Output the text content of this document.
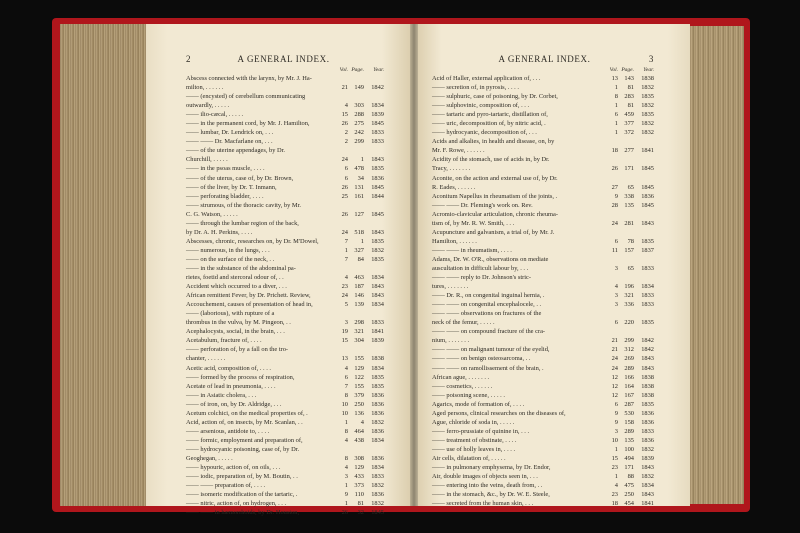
2	A GENERAL INDEX.
Vol. Page.	Year.
Abscess connected with the larynx, by Mr. J. Ha-
milton, . . . . . .	21	149	1842
—— (encysted) of cerebellum communicating
outwardly, . . . . .	4	303	1834
—— ilio-cæcal, . . . . .	15	288	1839
—— in the permanent cord, by Mr. J. Hamilton,	26	275	1845
—— lumbar, Dr. Lendrick on, . . .	2	242	1833
—— —— Dr. Macfarlane on, . . .	2	299	1833
—— of the uterine appendages, by Dr.
Churchill, . . . . .	24	1	1843
—— in the psoas muscle, . . . .	6	478	1835
—— of the uterus, case of, by Dr. Brown,	6	34	1836
—— of the liver, by Dr. T. Inmann,	26	131	1845
—— perforating bladder, . . . .	25	161	1844
—— strumous, of the thoracic cavity, by Mr.
C. G. Watson, . . . . .	26	127	1845
—— through the lumbar region of the back,
by Dr. A. H. Perkins, . . . .	24	518	1843
Abscesses, chronic, researches on, by Dr. M'Dowel,	7	1	1835
—— numerous, in the lungs, . . .	1	327	1832
—— on the surface of the neck, . .	7	84	1835
—— in the substance of the abdominal pa-
rietes, foetid and stercoral odour of, . .	4	463	1834
Accident which occurred to a diver, . . .	23	187	1843
African remittent Fever, by Dr. Prichett. Review,	24	146	1843
Accouchement, causes of presentation of head in,	5	139	1834
—— (laborious), with rupture of a
thrombus in the vulva, by M. Pingeon, . .	3	298	1833
Acephalocysts, social, in the brain, . . .	19	321	1841
Acetabulum, fracture of, . . . .	15	304	1839
—— perforation of, by a fall on the tro-
chanter, . . . . . .	13	155	1838
Acetic acid, composition of, . . . .	4	129	1834
—— formed by the process of respiration,	6	122	1835
Acetate of lead in pneumonia, . . . .	7	155	1835
—— in Asiatic cholera, . . .	8	379	1836
—— of iron, on, by Dr. Aldridge, . . .	10	250	1836
Acetum colchici, on the medical properties of, .	10	136	1836
Acid, action of, on insects, by Mr. Scanlan, . .	1	4	1832
—— arsenious, antidote to, . . . .	8	464	1836
—— formic, employment and preparation of,	4	438	1834
—— hydrocyanic poisoning, case of, by Dr.
Geoghegan, . . . . .	8	308	1836
—— hypouric, action of, on oils, . . .	4	129	1834
—— iodic, preparation of, by M. Boutin, . .	3	433	1833
—— —— preparation of, . . . .	1	373	1832
—— isomeric modification of the tartaric, .	9	110	1836
—— nitric, action of, on hydrogen, . . .	1	81	1832
—— —— in hæmorrhoids, by Dr. Houston,	26	32	1845
A GENERAL INDEX.	3
Vol. Page.	Year.
Acid of Haller, external application of, . . .	13	143	1838
—— secretion of, in pyrosis, . . . .	1	81	1832
—— sulphuric, case of poisoning, by Dr. Corbet,	8	283	1835
—— sulphovinic, composition of, . . .	1	81	1832
—— tartaric and pyro-tartaric, distillation of,	6	459	1835
—— uric, decomposition of, by nitric acid, .	1	377	1832
—— hydrocyanic, decomposition of, . . .	1	372	1832
Acids and alkalies, in health and disease, on, by
Mr. F. Rowe, . . . . . .	18	277	1841
Acidity of the stomach, use of acids in, by Dr.
Tracy, . . . . . . .	26	171	1845
Aconite, on the action and external use of, by Dr.
R. Eades, . . . . . .	27	65	1845
Aconitum Napellus in rheumatism of the joints, .	9	338	1836
—— —— Dr. Fleming's work on. Rev.	28	135	1845
Acromio-clavicular articulation, chronic rheuma-
tism of, by Mr. R. W. Smith, . . .	24	281	1843
Acupuncture and galvanism, a trial of, by Mr. J.
Hamilton, . . . . . .	6	78	1835
—— —— in rheumatism, . . . .	11	157	1837
Adams, Dr. W. O'R., observations on mediate
auscultation in difficult labour by, . . .	3	65	1833
—— —— reply to Dr. Johnson's stric-
tures, . . . . . . .	4	196	1834
—— Dr. R., on congenital inguinal hernia, .	3	321	1833
—— —— on congenital encephalocele, . .	3	336	1833
—— —— observations on fractures of the
neck of the femur, . . . . .	6	220	1835
—— —— on compound fracture of the cra-
nium, . . . . . . .	21	299	1842
—— —— on malignant tumour of the eyelid,	21	312	1842
—— —— on benign osteosarcoma, . .	24	269	1843
—— —— on ramollissement of the brain, .	24	289	1843
African ague, . . . . . . .	12	166	1838
—— cosmetics, . . . . . .	12	164	1838
—— poisoning scene, . . . . .	12	167	1838
Agarics, mode of formation of, . . . .	6	287	1835
Aged persons, clinical researches on the diseases of,	9	530	1836
Ague, chloride of soda in, . . . . .	9	158	1836
—— ferro-prussiate of quinine in, . . .	3	289	1833
—— treatment of obstinate, . . . .	10	135	1836
—— use of holly leaves in, . . . .	1	100	1832
Air cells, dilatation of, . . . . .	15	494	1839
—— in pulmonary emphysema, by Dr. Endor,	23	171	1843
Air, double images of objects seen in, . . .	1	88	1832
—— entering into the veins, death from, . .	4	475	1834
—— in the stomach, &c., by Dr. W. E. Steele,	23	250	1843
—— secreted from the human skin, . . .	18	454	1841
